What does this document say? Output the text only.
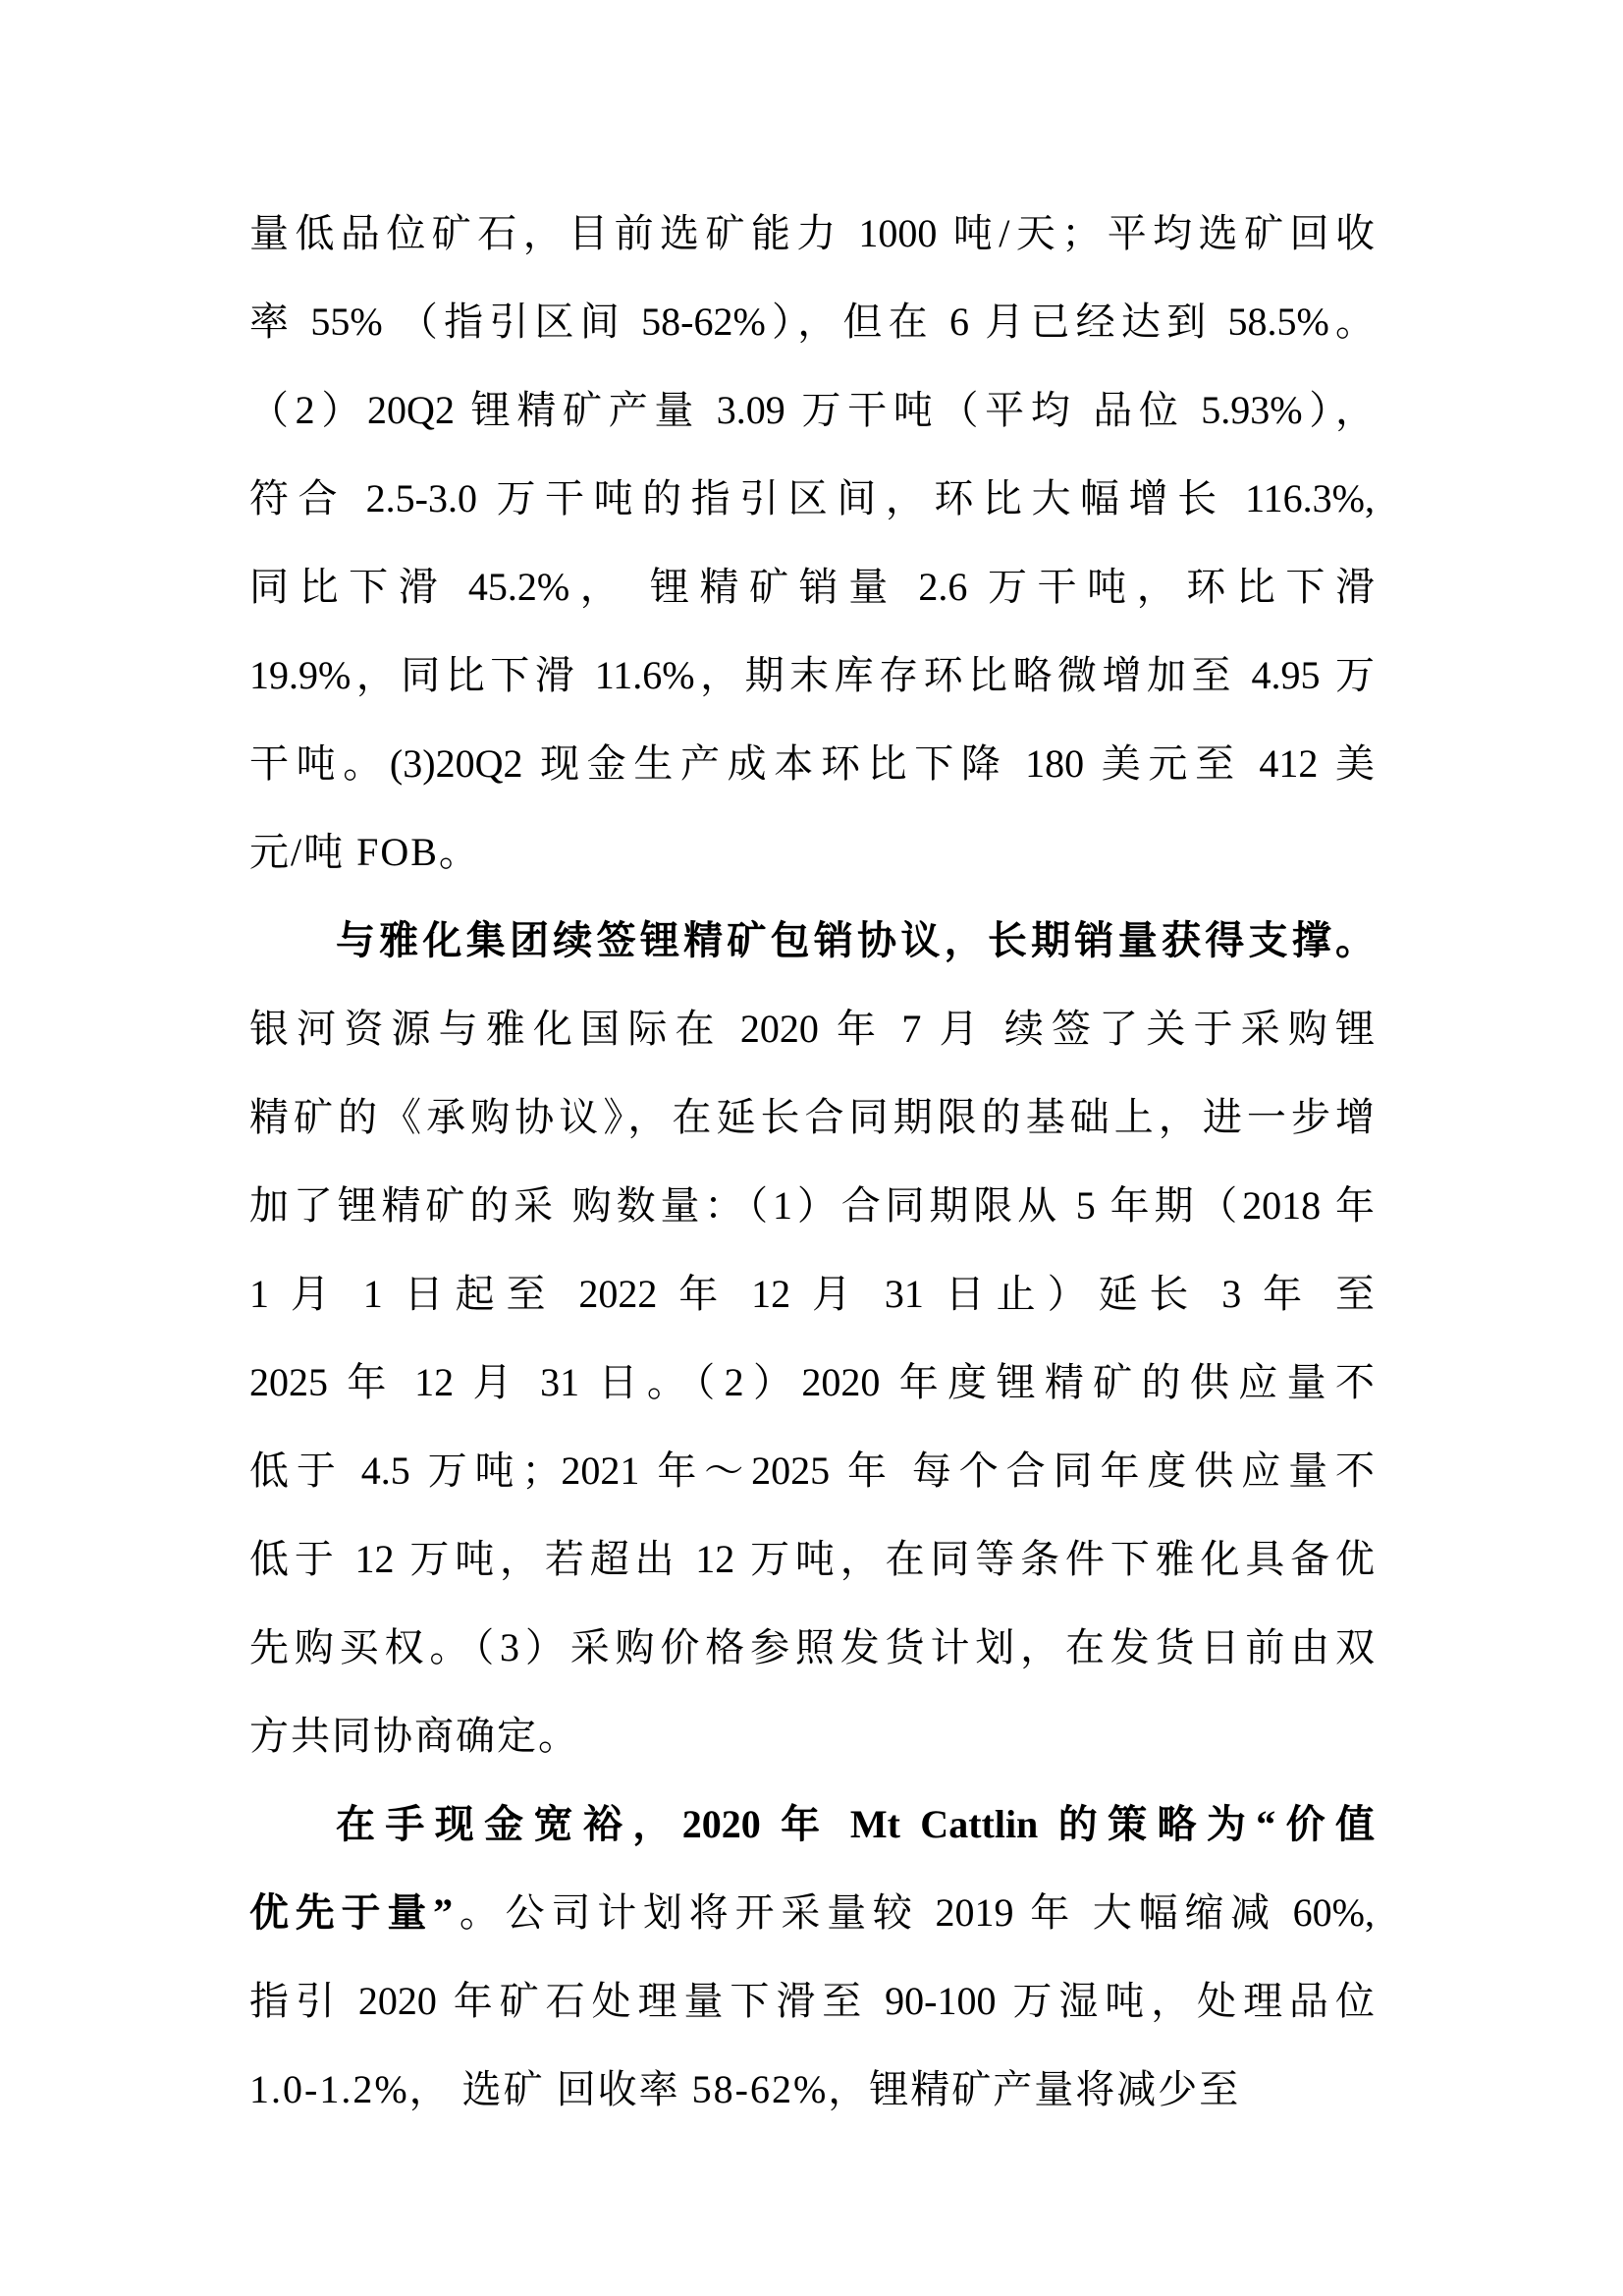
量低品位矿石，目前选矿能力 1000 吨/天；平均选矿回收
率 55% （指引区间 58-62%），但在 6 月已经达到 58.5%。
（2）20Q2 锂精矿产量 3.09 万干吨（平均 品位 5.93%），
符合 2.5‐3.0 万干吨的指引区间，环比大幅增长 116.3%,
同比下滑 45.2%， 锂精矿销量 2.6 万干吨，环比下滑
19.9%，同比下滑 11.6%，期末库存环比略微增加至 4.95 万
干吨。(3)20Q2 现金生产成本环比下降 180 美元至 412 美
元/吨 FOB。
与雅化集团续签锂精矿包销协议，长期销量获得支撑。
银河资源与雅化国际在 2020 年 7 月 续签了关于采购锂
精矿的《承购协议》，在延长合同期限的基础上，进一步增
加了锂精矿的采 购数量：（1）合同期限从 5 年期（2018 年
1 月 1 日起至 2022 年 12 月 31 日止）延长 3 年 至
2025 年 12 月 31 日。（2）2020 年度锂精矿的供应量不
低于 4.5 万吨；2021 年～2025 年 每个合同年度供应量不
低于 12 万吨，若超出 12 万吨，在同等条件下雅化具备优
先购买权。（3）采购价格参照发货计划，在发货日前由双
方共同协商确定。
在手现金宽裕，2020 年 Mt Cattlin 的策略为“价值
优先于量”。公司计划将开采量较 2019 年 大幅缩减 60%,
指引 2020 年矿石处理量下滑至 90-100 万湿吨，处理品位
1.0-1.2%， 选矿 回收率 58-62%，锂精矿产量将减少至
